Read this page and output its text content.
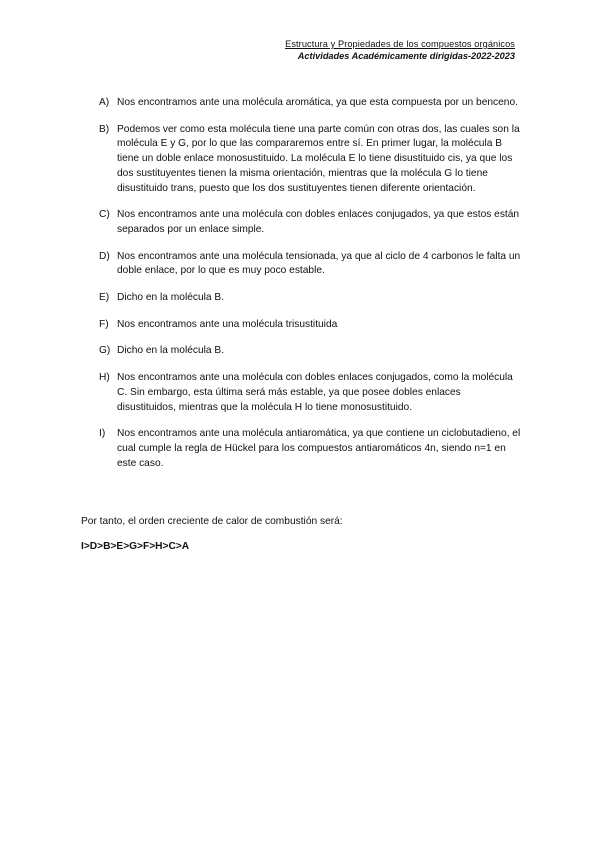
Estructura y Propiedades de los compuestos orgánicos
Actividades Académicamente dirigidas-2022-2023
A) Nos encontramos ante una molécula aromática, ya que esta compuesta por un benceno.
B) Podemos ver como esta molécula tiene una parte común con otras dos, las cuales son la molécula E y G, por lo que las compararemos entre sí. En primer lugar, la molécula B tiene un doble enlace monosustituido. La molécula E lo tiene disustituido cis, ya que los dos sustituyentes tienen la misma orientación, mientras que la molécula G lo tiene disustituido trans, puesto que los dos sustituyentes tienen diferente orientación.
C) Nos encontramos ante una molécula con dobles enlaces conjugados, ya que estos están separados por un enlace simple.
D) Nos encontramos ante una molécula tensionada, ya que al ciclo de 4 carbonos le falta un doble enlace, por lo que es muy poco estable.
E) Dicho en la molécula B.
F) Nos encontramos ante una molécula trisustituida
G) Dicho en la molécula B.
H) Nos encontramos ante una molécula con dobles enlaces conjugados, como la molécula C. Sin embargo, esta última será más estable, ya que posee dobles enlaces disustituidos, mientras que la molécula H lo tiene monosustituido.
I) Nos encontramos ante una molécula antiaromática, ya que contiene un ciclobutadieno, el cual cumple la regla de Hückel para los compuestos antiaromáticos 4n, siendo n=1 en este caso.
Por tanto, el orden creciente de calor de combustión será:
I>D>B>E>G>F>H>C>A
